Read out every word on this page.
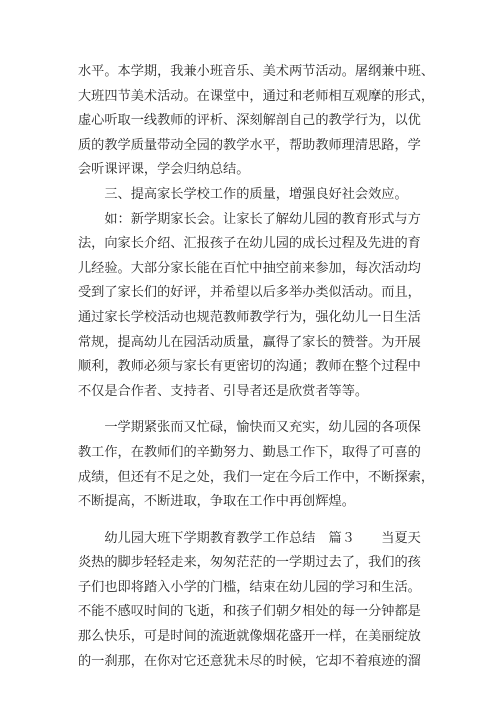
水平。本学期，我兼小班音乐、美术两节活动。屠纲兼中班、
大班四节美术活动。在课堂中，通过和老师相互观摩的形式，
虚心听取一线教师的评析、深刻解剖自己的教学行为，以优
质的教学质量带动全园的教学水平，帮助教师理清思路，学
会听课评课，学会归纳总结。
　　三、提高家长学校工作的质量，增强良好社会效应。
　　如：新学期家长会。让家长了解幼儿园的教育形式与方
法，向家长介绍、汇报孩子在幼儿园的成长过程及先进的育
儿经验。大部分家长能在百忙中抽空前来参加，每次活动均
受到了家长们的好评，并希望以后多举办类似活动。而且，
通过家长学校活动也规范教师教学行为，强化幼儿一日生活
常规，提高幼儿在园活动质量，赢得了家长的赞誉。为开展
顺利，教师必须与家长有更密切的沟通；教师在整个过程中
不仅是合作者、支持者、引导者还是欣赏者等等。
　　一学期紧张而又忙碌，愉快而又充实，幼儿园的各项保
教工作，在教师们的辛勤努力、勤恳工作下，取得了可喜的
成绩，但还有不足之处，我们一定在今后工作中，不断探索，
不断提高，不断进取，争取在工作中再创辉煌。
　　幼儿园大班下学期教育教学工作总结　篇３　　当夏天
炎热的脚步轻轻走来，匆匆茫茫的一学期过去了，我们的孩
子们也即将踏入小学的门槛，结束在幼儿园的学习和生活。
不能不感叹时间的飞逝，和孩子们朝夕相处的每一分钟都是
那么快乐，可是时间的流逝就像烟花盛开一样，在美丽绽放
的一刹那，在你对它还意犹未尽的时候，它却不着痕迹的溜
